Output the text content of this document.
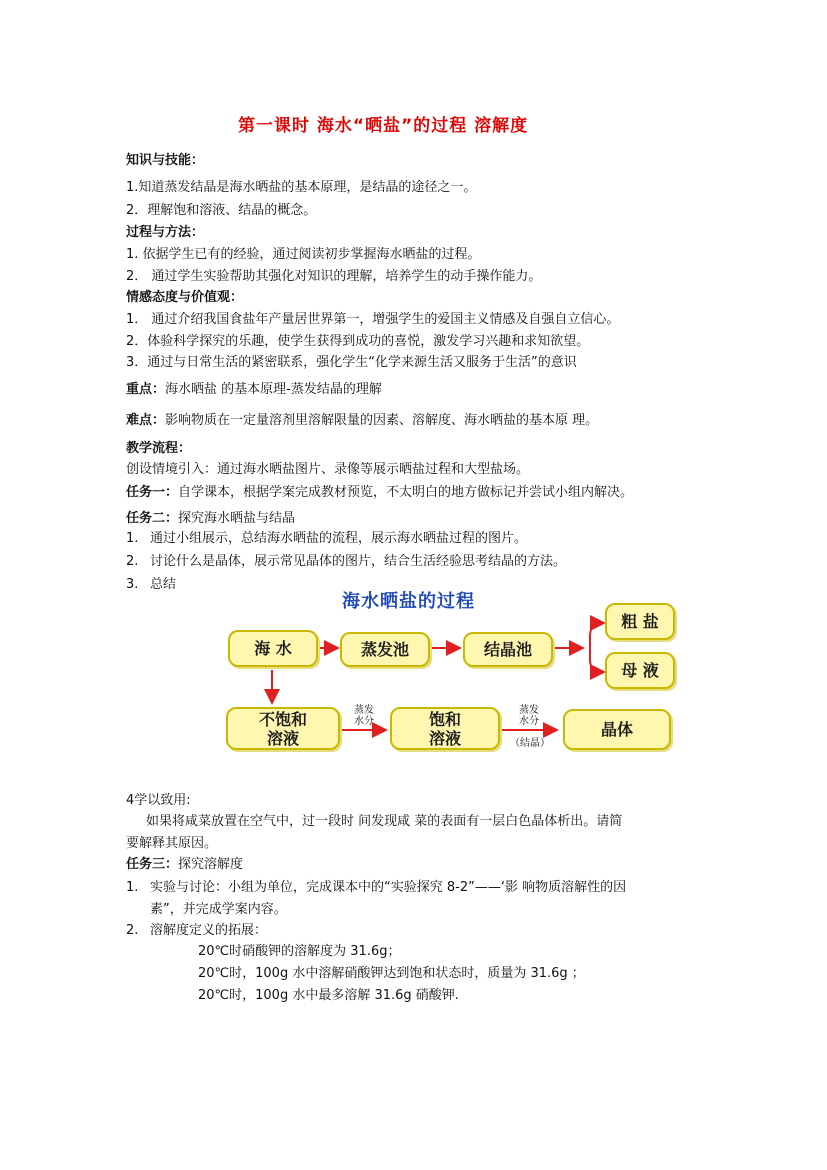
第一课时 海水“晒盐”的过程 溶解度
知识与技能：
1.知道蒸发结晶是海水晒盐的基本原理，是结晶的途径之一。
2．理解饱和溶液、结晶的概念。
过程与方法：
1. 依据学生已有的经验，通过阅读初步掌握海水晒盐的过程。
2． 通过学生实验帮助其强化对知识的理解，培养学生的动手操作能力。
情感态度与价值观：
1． 通过介绍我国食盐年产量居世界第一，增强学生的爱国主义情感及自强自立信心。
2．体验科学探究的乐趣，使学生获得到成功的喜悦，激发学习兴趣和求知欲望。
3．通过与日常生活的紧密联系，强化学生“化学来源生活又服务于生活”的意识
重点：海水晒盐 的基本原理-蒸发结晶的理解
难点：影响物质在一定量溶剂里溶解限量的因素、溶解度、海水晒盐的基本原 理。
教学流程：
创设情境引入：通过海水晒盐图片、录像等展示晒盐过程和大型盐场。
任务一：自学课本，根据学案完成教材预览，不太明白的地方做标记并尝试小组内解决。
任务二：探究海水晒盐与结晶
1. 通过小组展示，总结海水晒盐的流程，展示海水晒盐过程的图片。
2. 讨论什么是晶体，展示常见晶体的图片，结合生活经验思考结晶的方法。
3. 总结
海水晒盐的过程
海 水	蒸发池	结晶池
粗 盐
母 液
不饱和
溶液
饱和
溶液	晶体
蒸发
水分
蒸发
水分
（结晶）
4学以致用:
如果将咸菜放置在空气中，过一段时 间发现咸 菜的表面有一层白色晶体析出。请简
要解释其原因。
任务三：探究溶解度
1. 实验与讨论：小组为单位，完成课本中的“实验探究 8-2”——‘影 响物质溶解性的因
素”，并完成学案内容。
2. 溶解度定义的拓展：
20℃时硝酸钾的溶解度为 31.6g；
20℃时，100g 水中溶解硝酸钾达到饱和状态时，质量为 31.6g ；
20℃时，100g 水中最多溶解 31.6g 硝酸钾.
